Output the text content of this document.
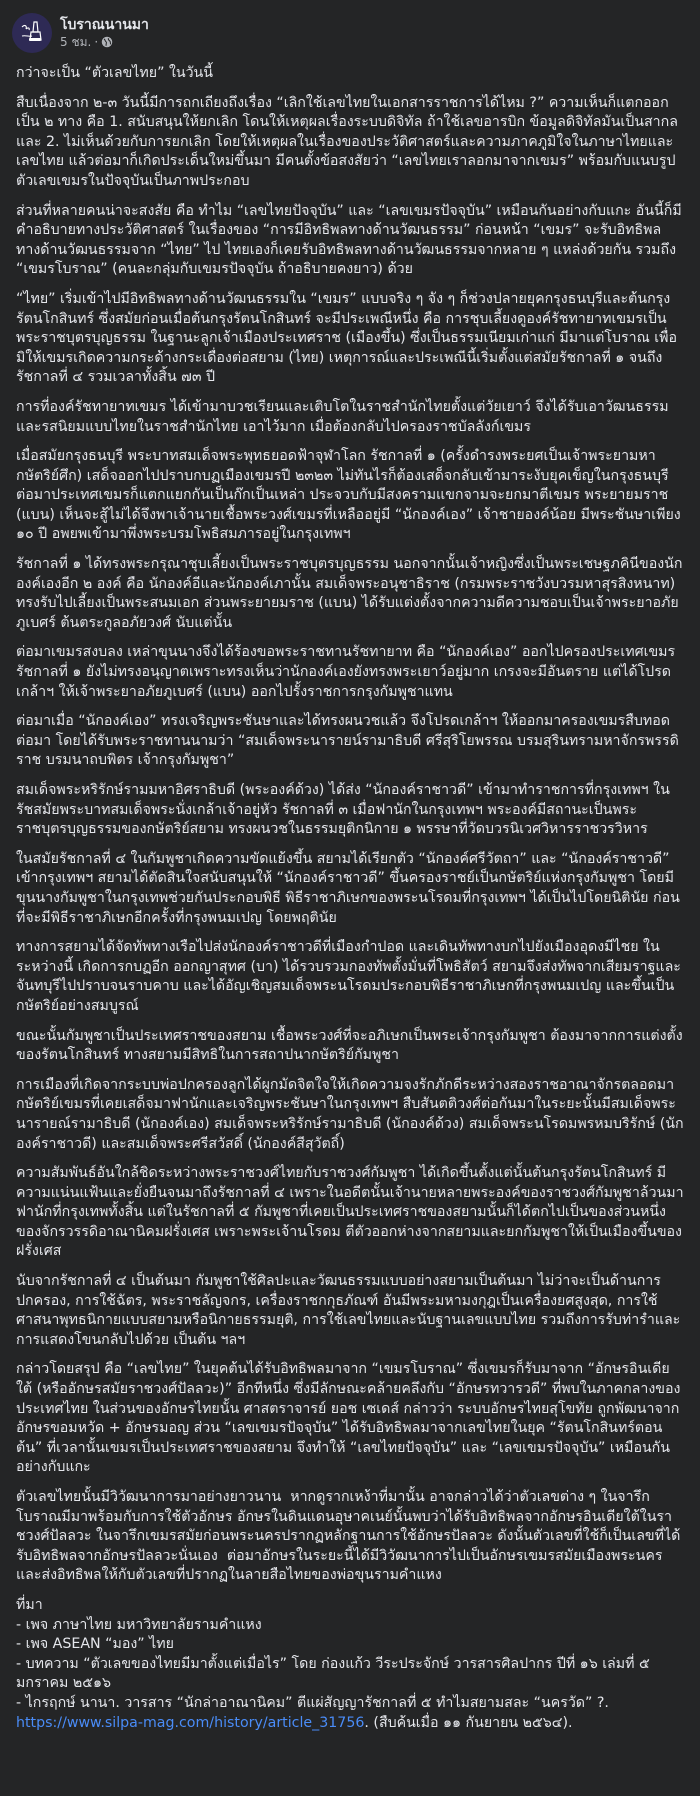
โบราณนานมา
5 ชม. ·

กว่าจะเป็น “ตัวเลขไทย” ในวันนี้

สืบเนื่องจาก ๒-๓ วันนี้มีการถกเถียงถึงเรื่อง “เลิกใช้เลขไทยในเอกสารราชการได้ไหม ?” ความเห็นก็แตกออกเป็น ๒ ทาง คือ 1. สนับสนุนให้ยกเลิก โดนให้เหตุผลเรื่องระบบดิจิทัล ถ้าใช้เลขอารบิก ข้อมูลดิจิทัลมันเป็นสากล และ 2. ไม่เห็นด้วยกับการยกเลิก โดยให้เหตุผลในเรื่องของประวัติศาสตร์และความภาคภูมิใจในภาษาไทยและเลขไทย แล้วต่อมาก็เกิดประเด็นใหม่ขึ้นมา มีคนตั้งข้อสงสัยว่า “เลขไทยเราลอกมาจากเขมร” พร้อมกับแนบรูปตัวเลขเขมรในปัจจุบันเป็นภาพประกอบ

ส่วนที่หลายคนน่าจะสงสัย คือ ทำไม “เลขไทยปัจจุบัน” และ “เลขเขมรปัจจุบัน” เหมือนกันอย่างกับแกะ อันนี้ก็มีคำอธิบายทางประวัติศาสตร์ ในเรื่องของ “การมีอิทธิพลทางด้านวัฒนธรรม” ก่อนหน้า “เขมร” จะรับอิทธิพลทางด้านวัฒนธรรมจาก “ไทย” ไป ไทยเองก็เคยรับอิทธิพลทางด้านวัฒนธรรมจากหลาย ๆ แหล่งด้วยกัน รวมถึง “เขมรโบราณ” (คนละกลุ่มกับเขมรปัจจุบัน ถ้าอธิบายคงยาว) ด้วย

“ไทย” เริ่มเข้าไปมีอิทธิพลทางด้านวัฒนธรรมใน “เขมร” แบบจริง ๆ จัง ๆ ก็ช่วงปลายยุคกรุงธนบุรีและต้นกรุงรัตนโกสินทร์ ซึ่งสมัยก่อนเมื่อต้นกรุงรัตนโกสินทร์ จะมีประเพณีหนึ่ง คือ การชุบเลี้ยงดูองค์รัชทายาทเขมรเป็นพระราชบุตรบุญธรรม ในฐานะลูกเจ้าเมืองประเทศราช (เมืองขึ้น) ซึ่งเป็นธรรมเนียมเก่าแก่ มีมาแต่โบราณ เพื่อมิให้เขมรเกิดความกระด้างกระเดื่องต่อสยาม (ไทย) เหตุการณ์และประเพณีนี้เริ่มตั้งแต่สมัยรัชกาลที่ ๑ จนถึงรัชกาลที่ ๔ รวมเวลาทั้งสิ้น ๗๓ ปี

การที่องค์รัชทายาทเขมร ได้เข้ามาบวชเรียนและเติบโตในราชสำนักไทยตั้งแต่วัยเยาว์ จึงได้รับเอาวัฒนธรรมและรสนิยมแบบไทยในราชสำนักไทย เอาไว้มาก เมื่อต้องกลับไปครองราชบัลลังก์เขมร

เมื่อสมัยกรุงธนบุรี พระบาทสมเด็จพระพุทธยอดฟ้าจุฬาโลก รัชกาลที่ ๑ (ครั้งดำรงพระยศเป็นเจ้าพระยามหากษัตริย์ศึก) เสด็จออกไปปราบกบฏเมืองเขมรปี ๒๓๒๓ ไม่ทันไรก็ต้องเสด็จกลับเข้ามาระงับยุคเข็ญในกรุงธนบุรี ต่อมาประเทศเขมรก็แตกแยกกันเป็นก๊กเป็นเหล่า ประจวบกับมีสงครามแขกจามจะยกมาตีเขมร พระยายมราช (แบน) เห็นจะสู้ไม่ได้จึงพาเจ้านายเชื้อพระวงศ์เขมรที่เหลืออยู่มี “นักองค์เอง” เจ้าชายองค์น้อย มีพระชันษาเพียง ๑๐ ปี อพยพเข้ามาพึ่งพระบรมโพธิสมภารอยู่ในกรุงเทพฯ

รัชกาลที่ ๑ ได้ทรงพระกรุณาชุบเลี้ยงเป็นพระราชบุตรบุญธรรม นอกจากนั้นเจ้าหญิงซึ่งเป็นพระเชษฐภคินีของนักองค์เองอีก ๒ องค์ คือ นักองค์อีและนักองค์เภานั้น สมเด็จพระอนุชาธิราช (กรมพระราชวังบวรมหาสุรสิงหนาท) ทรงรับไปเลี้ยงเป็นพระสนมเอก ส่วนพระยายมราช (แบน) ได้รับแต่งตั้งจากความดีความชอบเป็นเจ้าพระยาอภัยภูเบศร์ ต้นตระกูลอภัยวงศ์ นับแต่นั้น

ต่อมาเขมรสงบลง เหล่าขุนนางจึงได้ร้องขอพระราชทานรัชทายาท คือ “นักองค์เอง” ออกไปครองประเทศเขมร รัชกาลที่ ๑ ยังไม่ทรงอนุญาตเพราะทรงเห็นว่านักองค์เองยังทรงพระเยาว์อยู่มาก เกรงจะมีอันตราย แต่ได้โปรดเกล้าฯ ให้เจ้าพระยาอภัยภูเบศร์ (แบน) ออกไปรั้งราชการกรุงกัมพูชาแทน

ต่อมาเมื่อ “นักองค์เอง” ทรงเจริญพระชันษาและได้ทรงผนวชแล้ว จึงโปรดเกล้าฯ ให้ออกมาครองเขมรสืบทอดต่อมา โดยได้รับพระราชทานนามว่า “สมเด็จพระนารายน์รามาธิบดี ศรีสุริโยพรรณ บรมสุรินทรามหาจักรพรรดิราช บรมนาถบพิตร เจ้ากรุงกัมพูชา”

สมเด็จพระหริรักษ์รามมหาอิศราธิบดี (พระองค์ด้วง) ได้ส่ง “นักองค์ราชาวดี” เข้ามาทำราชการที่กรุงเทพฯ ในรัชสมัยพระบาทสมเด็จพระนั่งเกล้าเจ้าอยู่หัว รัชกาลที่ ๓ เมื่อฟานักในกรุงเทพฯ พระองค์มีสถานะเป็นพระราชบุตรบุญธรรมของกษัตริย์สยาม ทรงผนวชในธรรมยุติกนิกาย ๑ พรรษาที่วัดบวรนิเวศวิหารราชวรวิหาร

ในสมัยรัชกาลที่ ๔ ในกัมพูชาเกิดความขัดแย้งขึ้น สยามได้เรียกตัว “นักองค์ศรีวัตถา” และ “นักองค์ราชาวดี” เข้ากรุงเทพฯ สยามได้ตัดสินใจสนับสนุนให้ “นักองค์ราชาวดี” ขึ้นครองราชย์เป็นกษัตริย์แห่งกรุงกัมพูชา โดยมีขุนนางกัมพูชาในกรุงเทพช่วยกันประกอบพิธี พิธีราชาภิเษกของพระนโรดมที่กรุงเทพฯ ได้เป็นไปโดยนิตินัย ก่อนที่จะมีพิธีราชาภิเษกอีกครั้งที่กรุงพนมเปญ โดยพฤตินัย

ทางการสยามได้จัดทัพทางเรือไปส่งนักองค์ราชาวดีที่เมืองกำปอด และเดินทัพทางบกไปยังเมืองอุดงมีไชย ในระหว่างนี้ เกิดการกบฏอีก ออกญาสุทศ (บา) ได้รวบรวมกองทัพตั้งมั่นที่โพธิสัตว์ สยามจึงส่งทัพจากเสียมราฐและจันทบุรีไปปราบจนราบคาบ และได้อัญเชิญสมเด็จพระนโรดมประกอบพิธีราชาภิเษกที่กรุงพนมเปญ และขึ้นเป็นกษัตริย์อย่างสมบูรณ์

ขณะนั้นกัมพูชาเป็นประเทศราชของสยาม เชื้อพระวงศ์ที่จะอภิเษกเป็นพระเจ้ากรุงกัมพูชา ต้องมาจากการแต่งตั้งของรัตนโกสินทร์ ทางสยามมีสิทธิในการสถาปนากษัตริย์กัมพูชา

การเมืองที่เกิดจากระบบพ่อปกครองลูกได้ผูกมัดจิตใจให้เกิดความจงรักภักดีระหว่างสองราชอาณาจักรตลอดมา กษัตริย์เขมรที่เคยเสด็จมาฟานักและเจริญพระชันษาในกรุงเทพฯ สืบสันตติวงศ์ต่อกันมาในระยะนั้นมีสมเด็จพระนารายณ์รามาธิบดี (นักองค์เอง) สมเด็จพระหริรักษ์รามาธิบดี (นักองค์ด้วง) สมเด็จพระนโรดมพรหมบริรักษ์ (นักองค์ราชาวดี) และสมเด็จพระศรีสวัสดิ์ (นักองค์สีสุวัตถิ์)

ความสัมพันธ์อันใกล้ชิดระหว่างพระราชวงศ์ไทยกับราชวงศ์กัมพูชา ได้เกิดขึ้นตั้งแต่นั้นต้นกรุงรัตนโกสินทร์ มีความแน่นแฟ้นและยั่งยืนจนมาถึงรัชกาลที่ ๔ เพราะในอดีตนั้นเจ้านายหลายพระองค์ของราชวงศ์กัมพูชาล้วนมาฟานักที่กรุงเทพทั้งสิ้น แต่ในรัชกาลที่ ๕ กัมพูชาที่เคยเป็นประเทศราชของสยามนั้นก็ได้ตกไปเป็นของส่วนหนึ่งของจักรวรรดิอาณานิคมฝรั่งเศส เพราะพระเจ้านโรดม ตีตัวออกห่างจากสยามและยกกัมพูชาให้เป็นเมืองขึ้นของฝรั่งเศส

นับจากรัชกาลที่ ๔ เป็นต้นมา กัมพูชาใช้ศิลปะและวัฒนธรรมแบบอย่างสยามเป็นต้นมา ไม่ว่าจะเป็นด้านการปกครอง, การใช้ฉัตร, พระราชลัญจกร, เครื่องราชกกุธภัณฑ์ อันมีพระมหามงกุฎเป็นเครื่องยศสูงสุด, การใช้ศาสนาพุทธนิกายแบบสยามหรือนิกายธรรมยุติ, การใช้เลขไทยและนับฐานเลขแบบไทย รวมถึงการรับท่ารำและการแสดงโขนกลับไปด้วย เป็นต้น ฯลฯ

กล่าวโดยสรุป คือ “เลขไทย” ในยุคต้นได้รับอิทธิพลมาจาก “เขมรโบราณ” ซึ่งเขมรก็รับมาจาก “อักษรอินเดียใต้ (หรืออักษรสมัยราชวงศ์ปัลลวะ)” อีกทีหนึ่ง ซึ่งมีลักษณะคล้ายคลึงกับ “อักษรทวารวดี” ที่พบในภาคกลางของประเทศไทย ในส่วนของอักษรไทยนั้น ศาสตราจารย์ ยอช เซเดส์ กล่าวว่า ระบบอักษรไทยสุโขทัย ถูกพัฒนาจากอักษรขอมหวัด + อักษรมอญ ส่วน “เลขเขมรปัจจุบัน” ได้รับอิทธิพลมาจากเลขไทยในยุค “รัตนโกสินทร์ตอนต้น” ที่เวลานั้นเขมรเป็นประเทศราชของสยาม จึงทำให้ “เลขไทยปัจจุบัน” และ “เลขเขมรปัจจุบัน” เหมือนกันอย่างกับแกะ

ตัวเลขไทยนั้นมีวิวัฒนาการมาอย่างยาวนาน  หากดูรากเหง้าที่มานั้น อาจกล่าวได้ว่าตัวเลขต่าง ๆ ในจารึกโบราณมีมาพร้อมกับการใช้ตัวอักษร อักษรในดินแดนอุษาคเนย์นั้นพบว่าได้รับอิทธิพลจากอักษรอินเดียใต้ในราชวงศ์ปัลลวะ ในจารึกเขมรสมัยก่อนพระนครปรากฏหลักฐานการใช้อักษรปัลลวะ ดังนั้นตัวเลขที่ใช้ก็เป็นเลขที่ได้รับอิทธิพลจากอักษรปัลลวะนั่นเอง  ต่อมาอักษรในระยะนี้ได้มีวิวัฒนาการไปเป็นอักษรเขมรสมัยเมืองพระนคร และส่งอิทธิพลให้กับตัวเลขที่ปรากฏในลายสือไทยของพ่อขุนรามคำแหง

ที่มา
- เพจ ภาษาไทย มหาวิทยาลัยรามคำแหง
- เพจ ASEAN “มอง” ไทย
- บทความ “ตัวเลขของไทยมีมาตั้งแต่เมื่อไร” โดย ก่องแก้ว วีระประจักษ์ วารสารศิลปากร ปีที่ ๑๖ เล่มที่ ๕ มกราคม ๒๕๑๖
- ไกรฤกษ์ นานา. วารสาร “นักล่าอาณานิคม” ตีแผ่สัญญารัชกาลที่ ๕ ทำไมสยามสละ “นครวัด” ?.
https://www.silpa-mag.com/history/article_31756. (สืบค้นเมื่อ ๑๑ กันยายน ๒๕๖๔).
